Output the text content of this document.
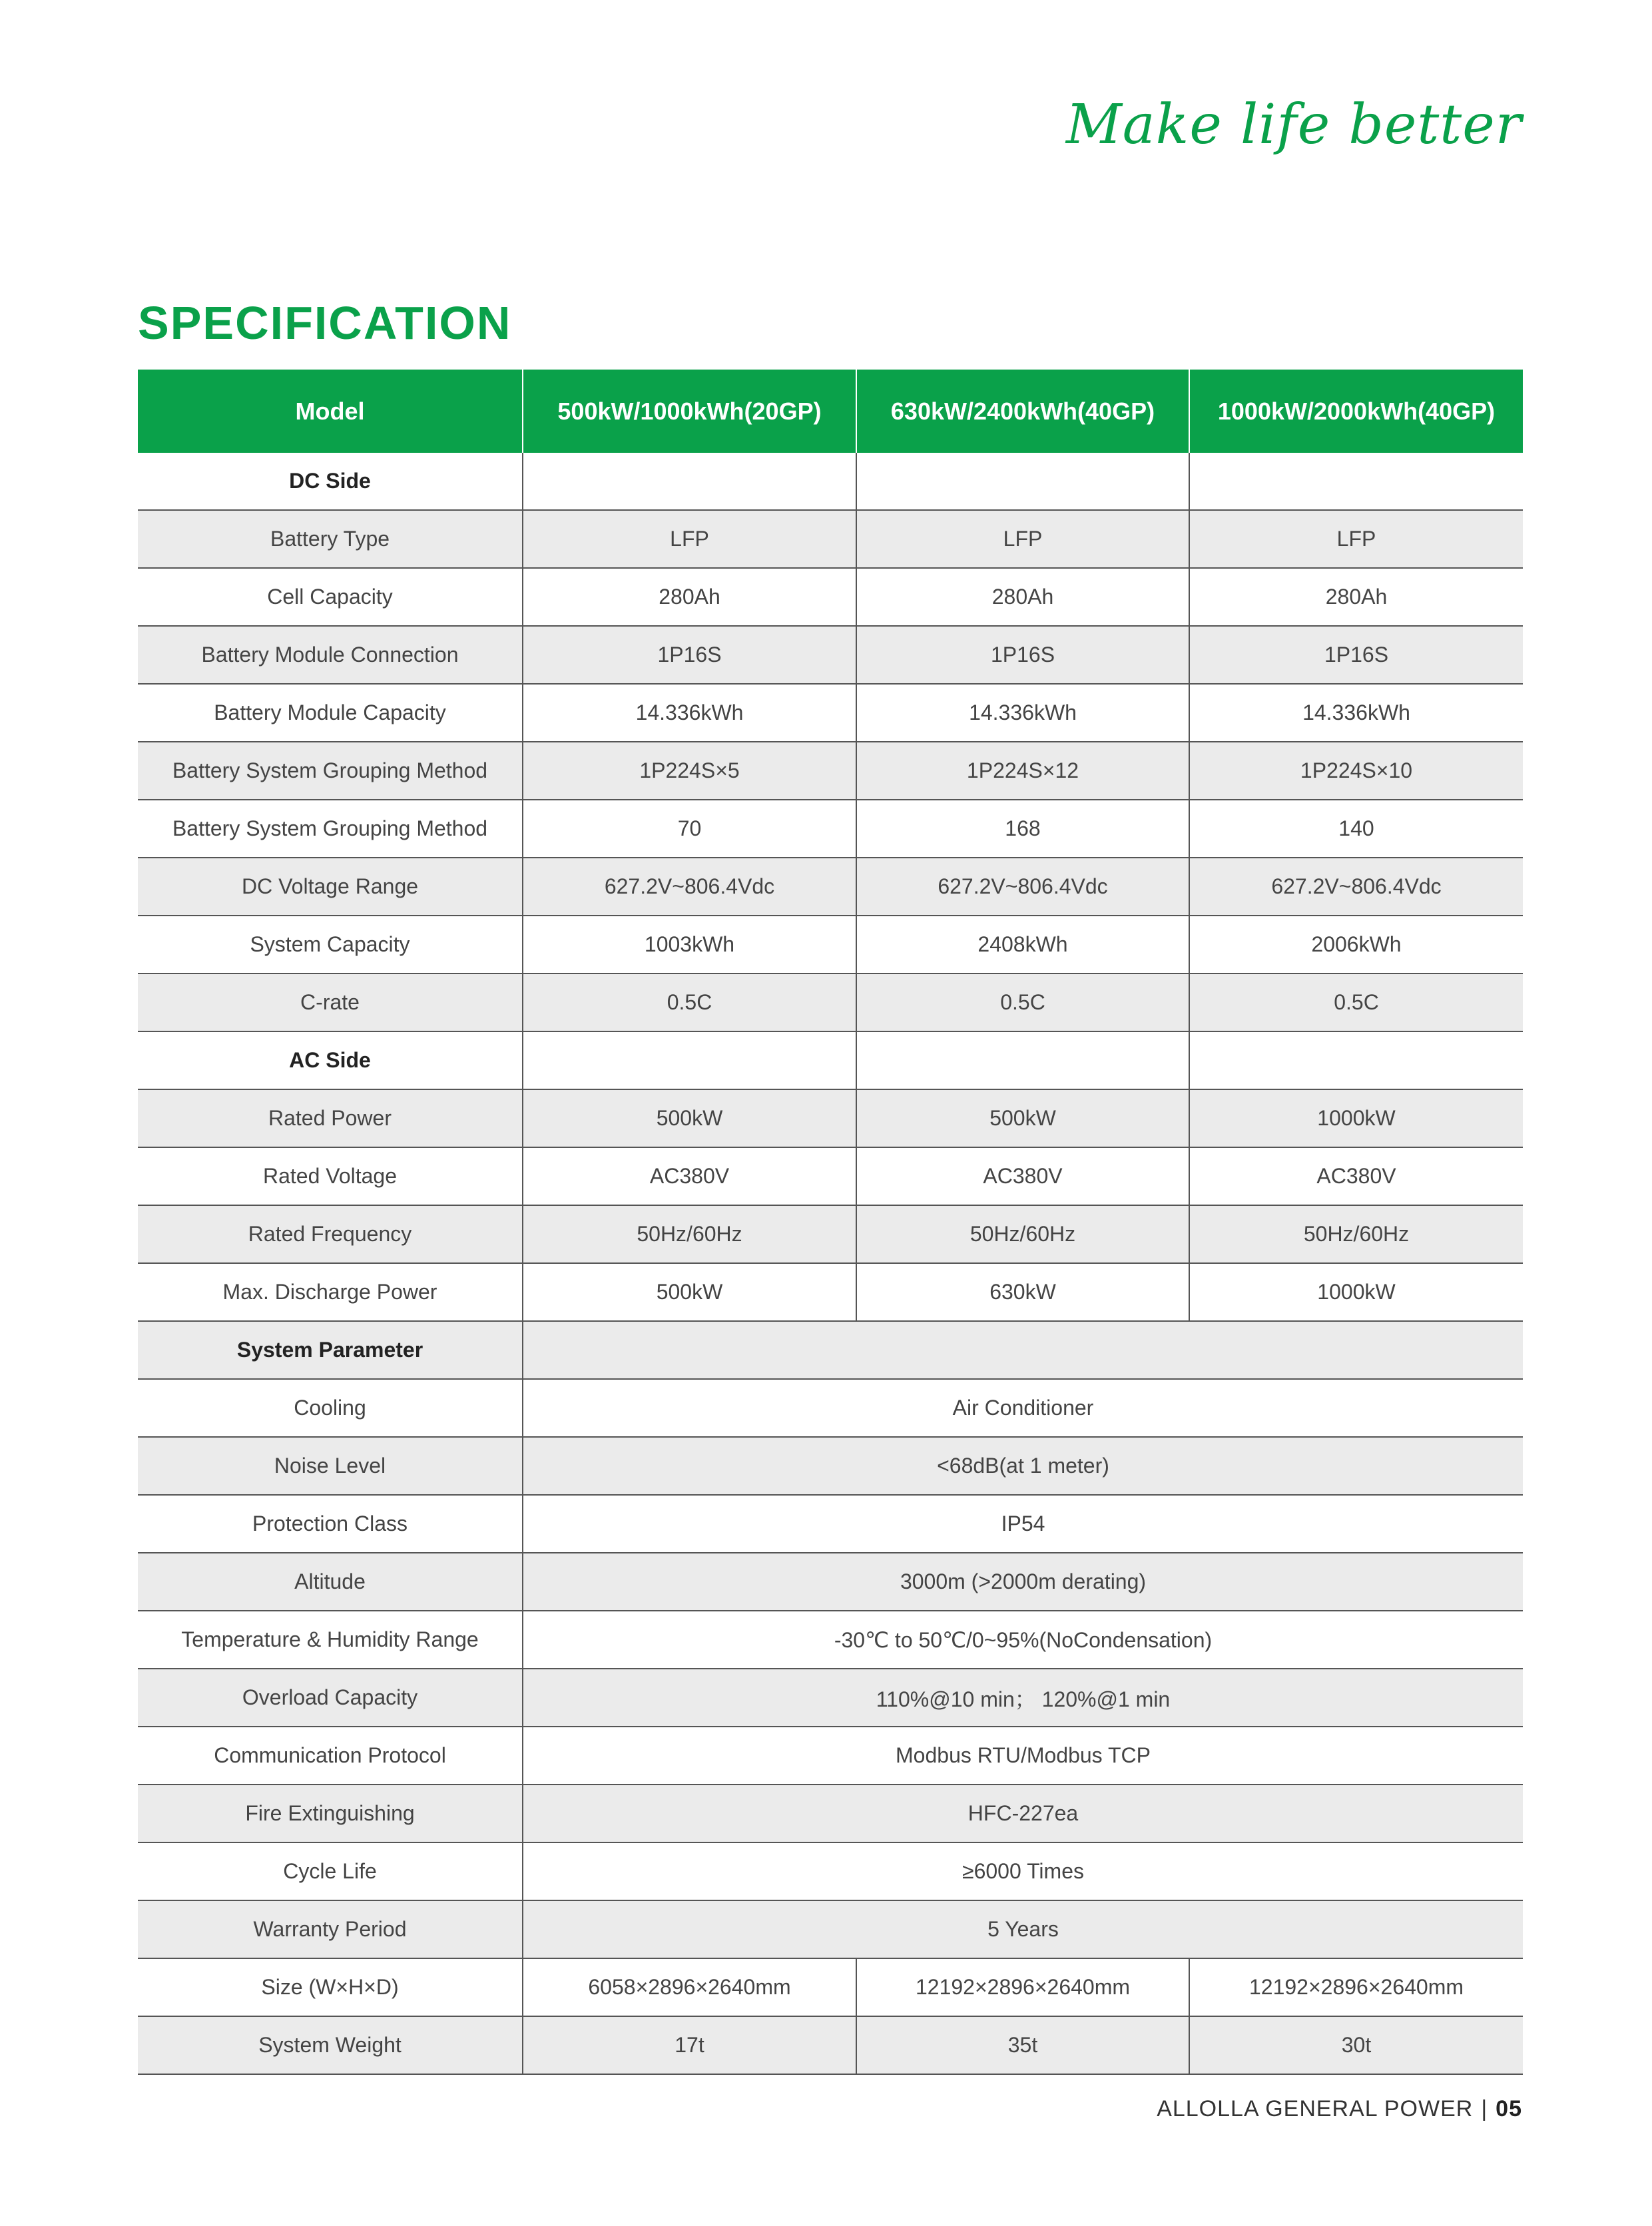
Make life better
SPECIFICATION
Model	500kW/1000kWh(20GP)	630kW/2400kWh(40GP)	1000kW/2000kWh(40GP)
DC Side			
Battery Type	LFP	LFP	LFP
Cell Capacity	280Ah	280Ah	280Ah
Battery Module Connection	1P16S	1P16S	1P16S
Battery Module Capacity	14.336kWh	14.336kWh	14.336kWh
Battery System Grouping Method	1P224S×5	1P224S×12	1P224S×10
Battery System Grouping Method	70	168	140
DC Voltage Range	627.2V~806.4Vdc	627.2V~806.4Vdc	627.2V~806.4Vdc
System Capacity	1003kWh	2408kWh	2006kWh
C-rate	0.5C	0.5C	0.5C
AC Side			
Rated Power	500kW	500kW	1000kW
Rated Voltage	AC380V	AC380V	AC380V
Rated Frequency	50Hz/60Hz	50Hz/60Hz	50Hz/60Hz
Max. Discharge Power	500kW	630kW	1000kW
System Parameter			
Cooling	Air Conditioner		
Noise Level	<68dB(at 1 meter)		
Protection Class	IP54		
Altitude	3000m (>2000m derating)		
Temperature & Humidity Range	-30℃ to 50℃/0~95%(NoCondensation)		
Overload Capacity	110%@10 min； 120%@1 min		
Communication Protocol	Modbus RTU/Modbus TCP		
Fire Extinguishing	HFC-227ea		
Cycle Life	≥6000 Times		
Warranty Period	5 Years		
Size (W×H×D)	6058×2896×2640mm	12192×2896×2640mm	12192×2896×2640mm
System Weight	17t	35t	30t
ALLOLLA GENERAL POWER | 05
